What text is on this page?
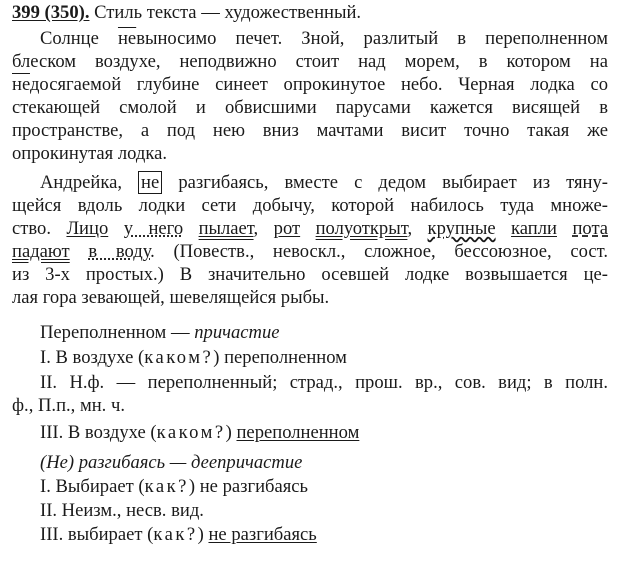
399 (350). Стиль текста — художественный.
Солнце невыносимо печет. Зной, разлитый в переполненном
блеском воздухе, неподвижно стоит над морем, в котором на
недосягаемой глубине синеет опрокинутое небо. Черная лодка со
стекающей смолой и обвисшими парусами кажется висящей в
пространстве, а под нею вниз мачтами висит точно такая же
опрокинутая лодка.
Андрейка, не разгибаясь, вместе с дедом выбирает из тяну-
щейся вдоль лодки сети добычу, которой набилось туда множе-
ство. Лицо у него пылает, рот полуоткрыт, крупные капли пота
падают в воду. (Повеств., невоскл., сложное, бессоюзное, сост.
из 3-х простых.) В значительно осевшей лодке возвышается це-
лая гора зевающей, шевелящейся рыбы.
Переполненном — причастие
I. В воздухе (каком?) переполненном
II. Н.ф. — переполненный; страд., прош. вр., сов. вид; в полн.
ф., П.п., мн. ч.
III. В воздухе (каком?) переполненном
(Не) разгибаясь — деепричастие
I. Выбирает (как?) не разгибаясь
II. Неизм., несв. вид.
III. выбирает (как?) не разгибаясь
